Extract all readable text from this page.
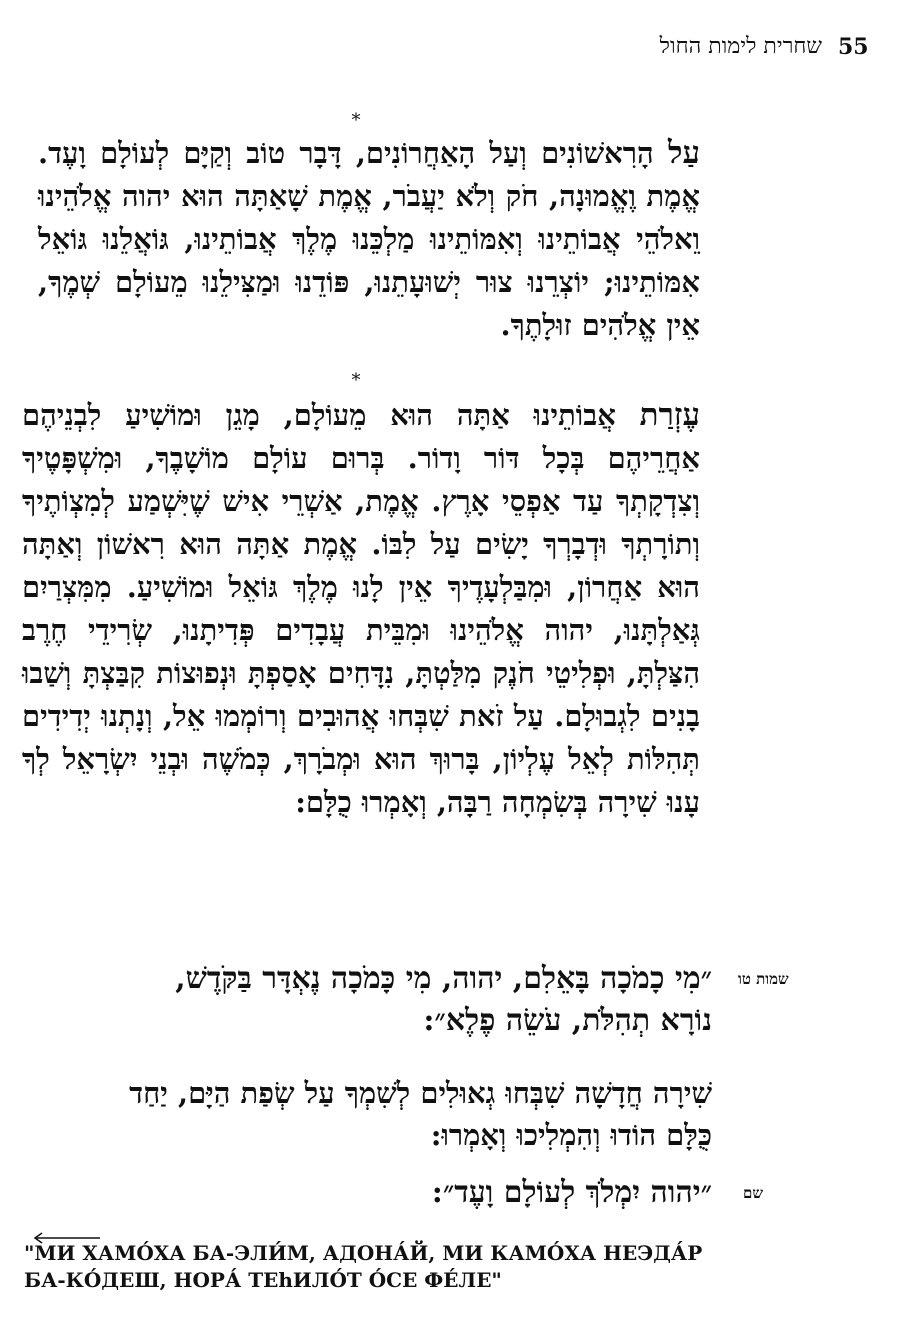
55
שחרית לימות החול
*

עַל הָרִאשׁוֹנִים וְעַל הָאַחֲרוֹנִים, דָּבָר טוֹב וְקַיָּם לְעוֹלָם וָעֶד. אֱמֶת וֶאֱמוּנָה, חֹק וְלֹא יַעֲבֹר, אֱמֶת שָׁאַתָּה הוּא יהוה אֱלֹהֵינוּ וֵאלֹהֵי אֲבוֹתֵינוּ וְאִמּוֹתֵינוּ מַלְכֵּנוּ מֶלֶךְ אֲבוֹתֵינוּ, גּוֹאֲלֵנוּ גּוֹאֵל אִמּוֹתֵינוּ; יוֹצְרֵנוּ צוּר יְשׁוּעָתֵנוּ, פּוֹדֵנוּ וּמַצִּילֵנוּ מֵעוֹלָם שְׁמֶךָ, אֵין אֱלֹהִים זוּלָתֶךָ.

*

עֶזְרַת אֲבוֹתֵינוּ אַתָּה הוּא מֵעוֹלָם, מָגֵן וּמוֹשִׁיעַ לִבְנֵיהֶם אַחֲרֵיהֶם בְּכָל דּוֹר וָדוֹר. בְּרוּם עוֹלָם מוֹשָׁבֶךָ, וּמִשְׁפָּטֶיךָ וְצִדְקָתְךָ עַד אַפְסֵי אָרֶץ. אֱמֶת, אַשְׁרֵי אִישׁ שֶׁיִּשְׁמַע לְמִצְוֹתֶיךָ וְתוֹרָתְךָ וּדְבָרְךָ יָשִׂים עַל לִבּוֹ. אֱמֶת אַתָּה הוּא רִאשׁוֹן וְאַתָּה הוּא אַחֲרוֹן, וּמִבַּלְעָדֶיךָ אֵין לָנוּ מֶלֶךְ גּוֹאֵל וּמוֹשִׁיעַ. מִמִּצְרַיִם גְּאַלְתָּנוּ, יהוה אֱלֹהֵינוּ וּמִבֵּית עֲבָדִים פְּדִיתָנוּ, שְׂרִידֵי חֶרֶב הִצַּלְתָּ, וּפְלִיטֵי חֹנֶק מִלַּטְתָּ, נִדָּחִים אָסַפְתָּ וּנְפוּצוֹת קִבַּצְתָּ וְשַׁבוּ בָנִים לִגְבוּלָם. עַל זֹאת שִׁבְּחוּ אֲהוּבִים וְרוֹמְמוּ אֵל, וְנָתְנוּ יְדִידִים תְּהִלּוֹת לְאֵל עֶלְיוֹן, בָּרוּךְ הוּא וּמְבֹרָךְ, כְּמֹשֶׁה וּבְנֵי יִשְׂרָאֵל לְךָ עָנוּ שִׁירָה בְּשִׂמְחָה רַבָּה, וְאָמְרוּ כֻלָּם:

שמות טו
״מִי כָמֹכָה בָּאֵלִם, יהוה, מִי כָּמֹכָה נֶאְדָּר בַּקֹּדֶשׁ,
נוֹרָא תְהִלֹּת, עֹשֵׂה פֶלֶא״:
שִׁירָה חֲדָשָׁה שִׁבְּחוּ גְאוּלִים לְשִׁמְךָ עַל שְׂפַת הַיָּם, יַחַד
כֻּלָּם הוֹדוּ וְהִמְלִיכוּ וְאָמְרוּ:
שם
״יהוה יִמְלֹךְ לְעוֹלָם וָעֶד״:

"МИ ХАМО́ХА БА-ЭЛИ́М, АДОНА́Й, МИ КАМО́ХА НЕЭДА́Р БА-КО́ДЕШ, НОРА́ ТЕhИЛО́Т О́СЕ ФЕ́ЛЕ"
